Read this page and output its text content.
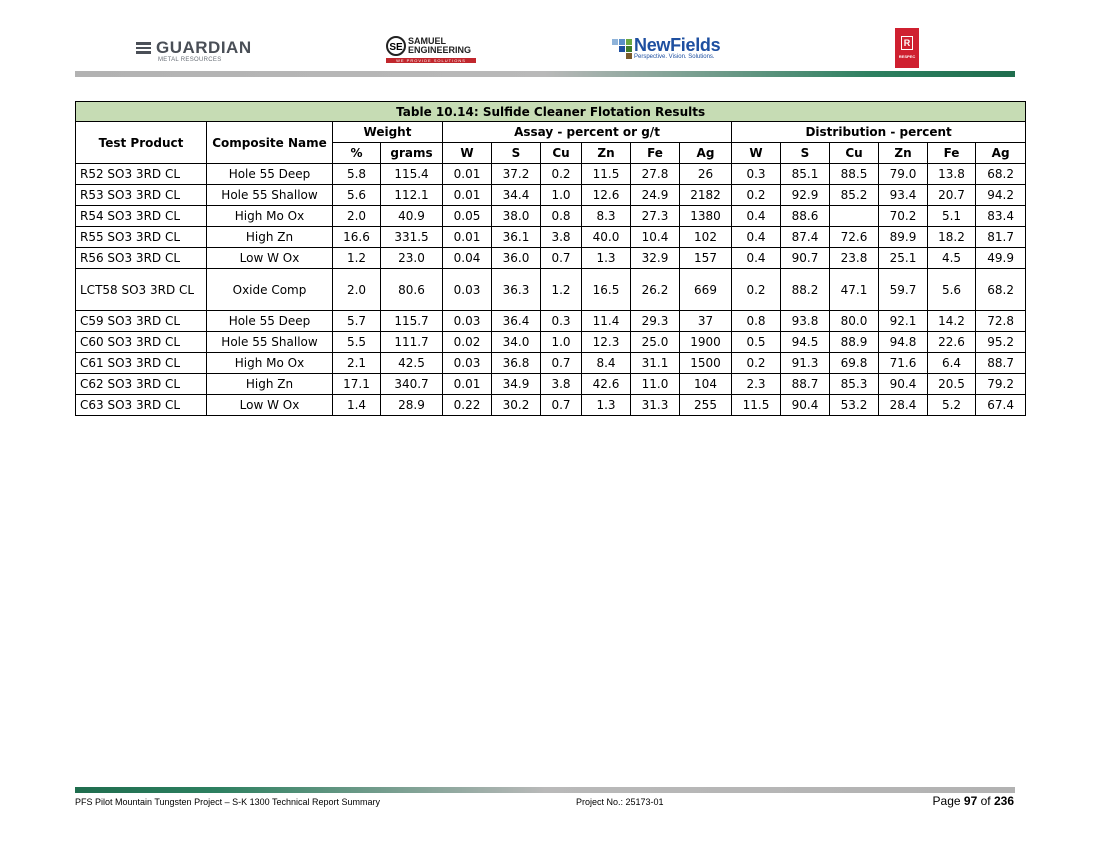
GUARDIAN
METAL RESOURCES
SE
SAMUEL
ENGINEERING
WE PROVIDE SOLUTIONS
NewFields
Perspective. Vision. Solutions.
R
RESPEC
Table 10.14: Sulfide Cleaner Flotation Results															
Test Product	Composite Name	Weight		Assay - percent or g/t						Distribution - percent					
		%	grams	W	S	Cu	Zn	Fe	Ag	W	S	Cu	Zn	Fe	Ag
R52 SO3 3RD CL	Hole 55 Deep	5.8	115.4	0.01	37.2	0.2	11.5	27.8	26	0.3	85.1	88.5	79.0	13.8	68.2
R53 SO3 3RD CL	Hole 55 Shallow	5.6	112.1	0.01	34.4	1.0	12.6	24.9	2182	0.2	92.9	85.2	93.4	20.7	94.2
R54 SO3 3RD CL	High Mo Ox	2.0	40.9	0.05	38.0	0.8	8.3	27.3	1380	0.4	88.6		70.2	5.1	83.4
R55 SO3 3RD CL	High Zn	16.6	331.5	0.01	36.1	3.8	40.0	10.4	102	0.4	87.4	72.6	89.9	18.2	81.7
R56 SO3 3RD CL	Low W Ox	1.2	23.0	0.04	36.0	0.7	1.3	32.9	157	0.4	90.7	23.8	25.1	4.5	49.9
LCT58 SO3 3RD CL	Oxide Comp	2.0	80.6	0.03	36.3	1.2	16.5	26.2	669	0.2	88.2	47.1	59.7	5.6	68.2
C59 SO3 3RD CL	Hole 55 Deep	5.7	115.7	0.03	36.4	0.3	11.4	29.3	37	0.8	93.8	80.0	92.1	14.2	72.8
C60 SO3 3RD CL	Hole 55 Shallow	5.5	111.7	0.02	34.0	1.0	12.3	25.0	1900	0.5	94.5	88.9	94.8	22.6	95.2
C61 SO3 3RD CL	High Mo Ox	2.1	42.5	0.03	36.8	0.7	8.4	31.1	1500	0.2	91.3	69.8	71.6	6.4	88.7
C62 SO3 3RD CL	High Zn	17.1	340.7	0.01	34.9	3.8	42.6	11.0	104	2.3	88.7	85.3	90.4	20.5	79.2
C63 SO3 3RD CL	Low W Ox	1.4	28.9	0.22	30.2	0.7	1.3	31.3	255	11.5	90.4	53.2	28.4	5.2	67.4
PFS Pilot Mountain Tungsten Project – S-K 1300 Technical Report Summary	Project No.: 25173-01	Page 97 of 236
